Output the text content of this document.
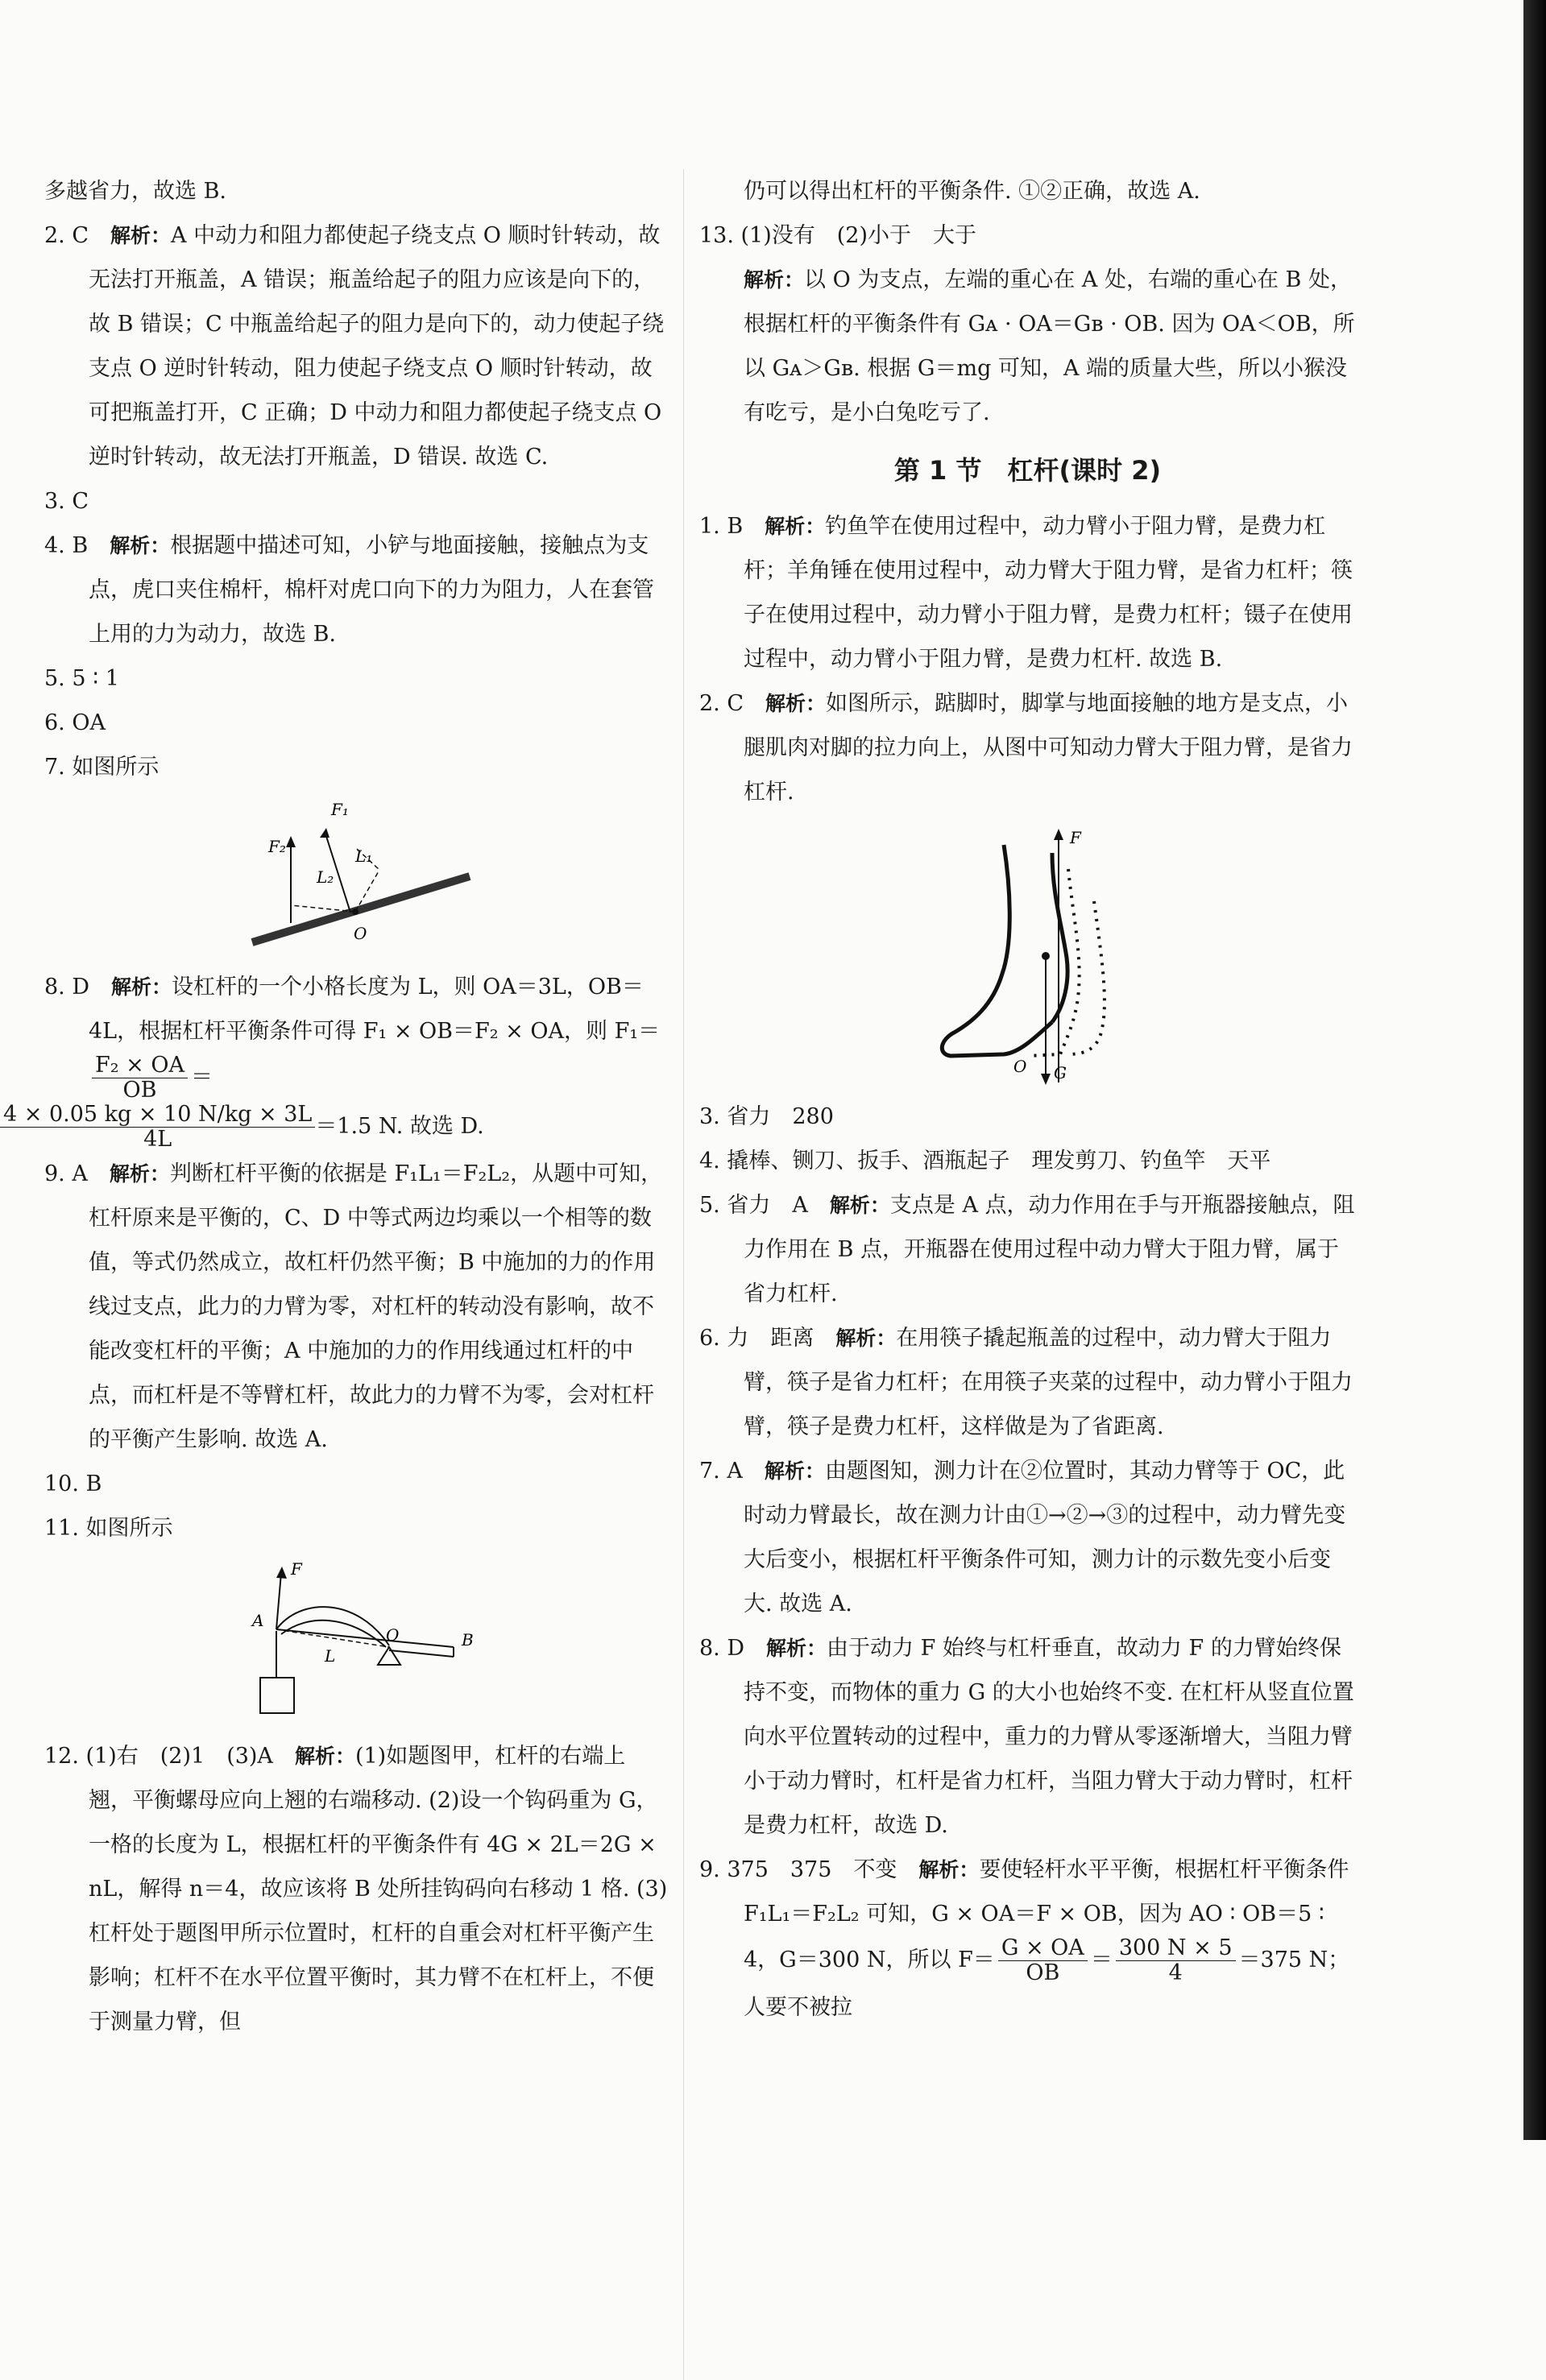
多越省力，故选 B.

2. C　解析：A 中动力和阻力都使起子绕支点 O 顺时针转动，故无法打开瓶盖，A 错误；瓶盖给起子的阻力应该是向下的，故 B 错误；C 中瓶盖给起子的阻力是向下的，动力使起子绕支点 O 逆时针转动，阻力使起子绕支点 O 顺时针转动，故可把瓶盖打开，C 正确；D 中动力和阻力都使起子绕支点 O 逆时针转动，故无法打开瓶盖，D 错误. 故选 C.

3. C

4. B　解析：根据题中描述可知，小铲与地面接触，接触点为支点，虎口夹住棉杆，棉杆对虎口向下的力为阻力，人在套管上用的力为动力，故选 B.

5. 5 ∶ 1

6. OA

7. 如图所示

F₁
F₂	L₁
L₂
O

8. D　解析：设杠杆的一个小格长度为 L，则 OA＝3L，OB＝4L，根据杠杆平衡条件可得 F₁ × OB＝F₂ × OA，则 F₁＝
$\frac{\text{F₂ × OA}}{OB}$ ＝

$\frac{4 \times 0.05 kg \times 10 N/kg \times 3L}{4L} =1.5$ N. 故选 D.

9. A　解析：判断杠杆平衡的依据是 F₁L₁＝F₂L₂，从题中可知，杠杆原来是平衡的，C、D 中等式两边均乘以一个相等的数值，等式仍然成立，故杠杆仍然平衡；B 中施加的力的作用线过支点，此力的力臂为零，对杠杆的转动没有影响，故不能改变杠杆的平衡；A 中施加的力的作用线通过杠杆的中点，而杠杆是不等臂杠杆，故此力的力臂不为零，会对杠杆的平衡产生影响. 故选 A.

10. B

11. 如图所示

F
A
O	B
L

12. (1)右　(2)1　(3)A　解析：(1)如题图甲，杠杆的右端上翘，平衡螺母应向上翘的右端移动. (2)设一个钩码重为 G，一格的长度为 L，根据杠杆的平衡条件有 4G × 2L＝2G × nL，解得 n＝4，故应该将 B 处所挂钩码向右移动 1 格. (3)杠杆处于题图甲所示位置时，杠杆的自重会对杠杆平衡产生影响；杠杆不在水平位置平衡时，其力臂不在杠杆上，不便于测量力臂，但

仍可以得出杠杆的平衡条件. ①②正确，故选 A.

13. (1)没有　(2)小于　大于

解析：以 O 为支点，左端的重心在 A 处，右端的重心在 B 处，根据杠杆的平衡条件有 Gᴀ · OA＝Gʙ · OB. 因为 OA＜OB，所以 Gᴀ＞Gʙ. 根据 G＝mg 可知，A 端的质量大些，所以小猴没有吃亏，是小白兔吃亏了.

第 1 节　杠杆(课时 2)

1. B　解析：钓鱼竿在使用过程中，动力臂小于阻力臂，是费力杠杆；羊角锤在使用过程中，动力臂大于阻力臂，是省力杠杆；筷子在使用过程中，动力臂小于阻力臂，是费力杠杆；镊子在使用过程中，动力臂小于阻力臂，是费力杠杆. 故选 B.

2. C　解析：如图所示，踮脚时，脚掌与地面接触的地方是支点，小腿肌肉对脚的拉力向上，从图中可知动力臂大于阻力臂，是省力杠杆.

F
G
O

3. 省力　280

4. 撬棒、铡刀、扳手、酒瓶起子　理发剪刀、钓鱼竿　天平

5. 省力　A　解析：支点是 A 点，动力作用在手与开瓶器接触点，阻力作用在 B 点，开瓶器在使用过程中动力臂大于阻力臂，属于省力杠杆.

6. 力　距离　解析：在用筷子撬起瓶盖的过程中，动力臂大于阻力臂，筷子是省力杠杆；在用筷子夹菜的过程中，动力臂小于阻力臂，筷子是费力杠杆，这样做是为了省距离.

7. A　解析：由题图知，测力计在②位置时，其动力臂等于 OC，此时动力臂最长，故在测力计由①→②→③的过程中，动力臂先变大后变小，根据杠杆平衡条件可知，测力计的示数先变小后变大. 故选 A.

8. D　解析：由于动力 F 始终与杠杆垂直，故动力 F 的力臂始终保持不变，而物体的重力 G 的大小也始终不变. 在杠杆从竖直位置向水平位置转动的过程中，重力的力臂从零逐渐增大，当阻力臂小于动力臂时，杠杆是省力杠杆，当阻力臂大于动力臂时，杠杆是费力杠杆，故选 D.

9. 375　375　不变　解析：要使轻杆水平平衡，根据杠杆平衡条件 F₁L₁＝F₂L₂ 可知，G × OA＝F × OB，因为 AO ∶ OB＝5 ∶ 4，G＝300 N，所以 $F= \frac{G \times OA}{OB} = \frac{300 N \times 5}{4} =375$ N；人要不被拉
